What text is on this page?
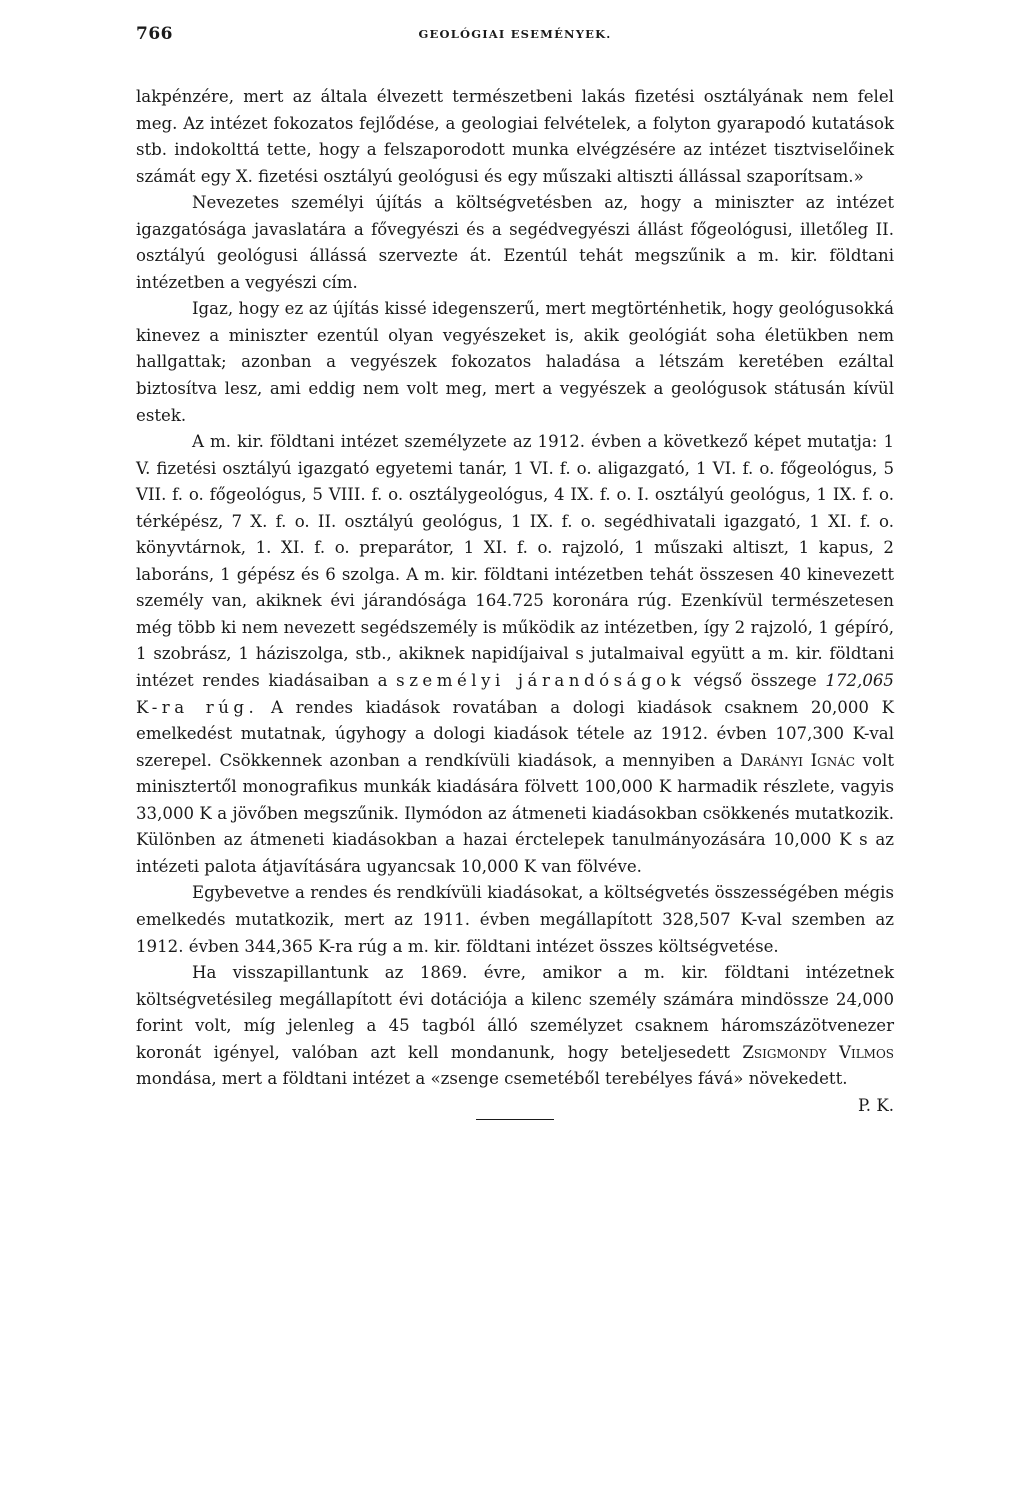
766	GEOLÓGIAI ESEMÉNYEK.

lakpénzére, mert az általa élvezett természetbeni lakás fizetési osztályának nem felel meg. Az intézet fokozatos fejlődése, a geologiai felvételek, a folyton gyarapodó kutatások stb. indokolttá tette, hogy a felszaporodott munka elvégzésére az intézet tisztviselőinek számát egy X. fizetési osztályú geológusi és egy műszaki altiszti állással szaporítsam.»

Nevezetes személyi újítás a költségvetésben az, hogy a miniszter az intézet igazgatósága javaslatára a fővegyészi és a segédvegyészi állást főgeológusi, illetőleg II. osztályú geológusi állássá szervezte át. Ezentúl tehát megszűnik a m. kir. földtani intézetben a vegyészi cím.

Igaz, hogy ez az újítás kissé idegenszerű, mert megtörténhetik, hogy geológusokká kinevez a miniszter ezentúl olyan vegyészeket is, akik geológiát soha életükben nem hallgattak; azonban a vegyészek fokozatos haladása a létszám keretében ezáltal biztosítva lesz, ami eddig nem volt meg, mert a vegyészek a geológusok státusán kívül estek.

A m. kir. földtani intézet személyzete az 1912. évben a következő képet mutatja: 1 V. fizetési osztályú igazgató egyetemi tanár, 1 VI. f. o. aligazgató, 1 VI. f. o. főgeológus, 5 VII. f. o. főgeológus, 5 VIII. f. o. osztálygeológus, 4 IX. f. o. I. osztályú geológus, 1 IX. f. o. térképész, 7 X. f. o. II. osztályú geológus, 1 IX. f. o. segédhivatali igazgató, 1 XI. f. o. könyvtárnok, 1. XI. f. o. preparátor, 1 XI. f. o. rajzoló, 1 műszaki altiszt, 1 kapus, 2 laboráns, 1 gépész és 6 szolga. A m. kir. földtani intézetben tehát összesen 40 kinevezett személy van, akiknek évi járandósága 164.725 koronára rúg. Ezenkívül természetesen még több ki nem nevezett segédszemély is működik az intézetben, így 2 rajzoló, 1 gépíró, 1 szobrász, 1 háziszolga, stb., akiknek napidíjaival s jutalmaival együtt a m. kir. földtani intézet rendes kiadásaiban a személyi járandóságok végső összege 172,065 K-ra rúg. A rendes kiadások rovatában a dologi kiadások csaknem 20,000 K emelkedést mutatnak, úgyhogy a dologi kiadások tétele az 1912. évben 107,300 K-val szerepel. Csökkennek azonban a rendkívüli kiadások, a mennyiben a Darányi Ignác volt minisztertől monografikus munkák kiadására fölvett 100,000 K harmadik részlete, vagyis 33,000 K a jövőben megszűnik. Ilymódon az átmeneti kiadásokban csökkenés mutatkozik. Különben az átmeneti kiadásokban a hazai érctelepek tanulmányozására 10,000 K s az intézeti palota átjavítására ugyancsak 10,000 K van fölvéve.

Egybevetve a rendes és rendkívüli kiadásokat, a költségvetés összességében mégis emelkedés mutatkozik, mert az 1911. évben megállapított 328,507 K-val szemben az 1912. évben 344,365 K-ra rúg a m. kir. földtani intézet összes költségvetése.

Ha visszapillantunk az 1869. évre, amikor a m. kir. földtani intézetnek költségvetésileg megállapított évi dotációja a kilenc személy számára mindössze 24,000 forint volt, míg jelenleg a 45 tagból álló személyzet csaknem háromszázötvenezer koronát igényel, valóban azt kell mondanunk, hogy beteljesedett Zsigmondy Vilmos mondása, mert a földtani intézet a «zsenge csemetéből terebélyes fává» növekedett.
P. K.
